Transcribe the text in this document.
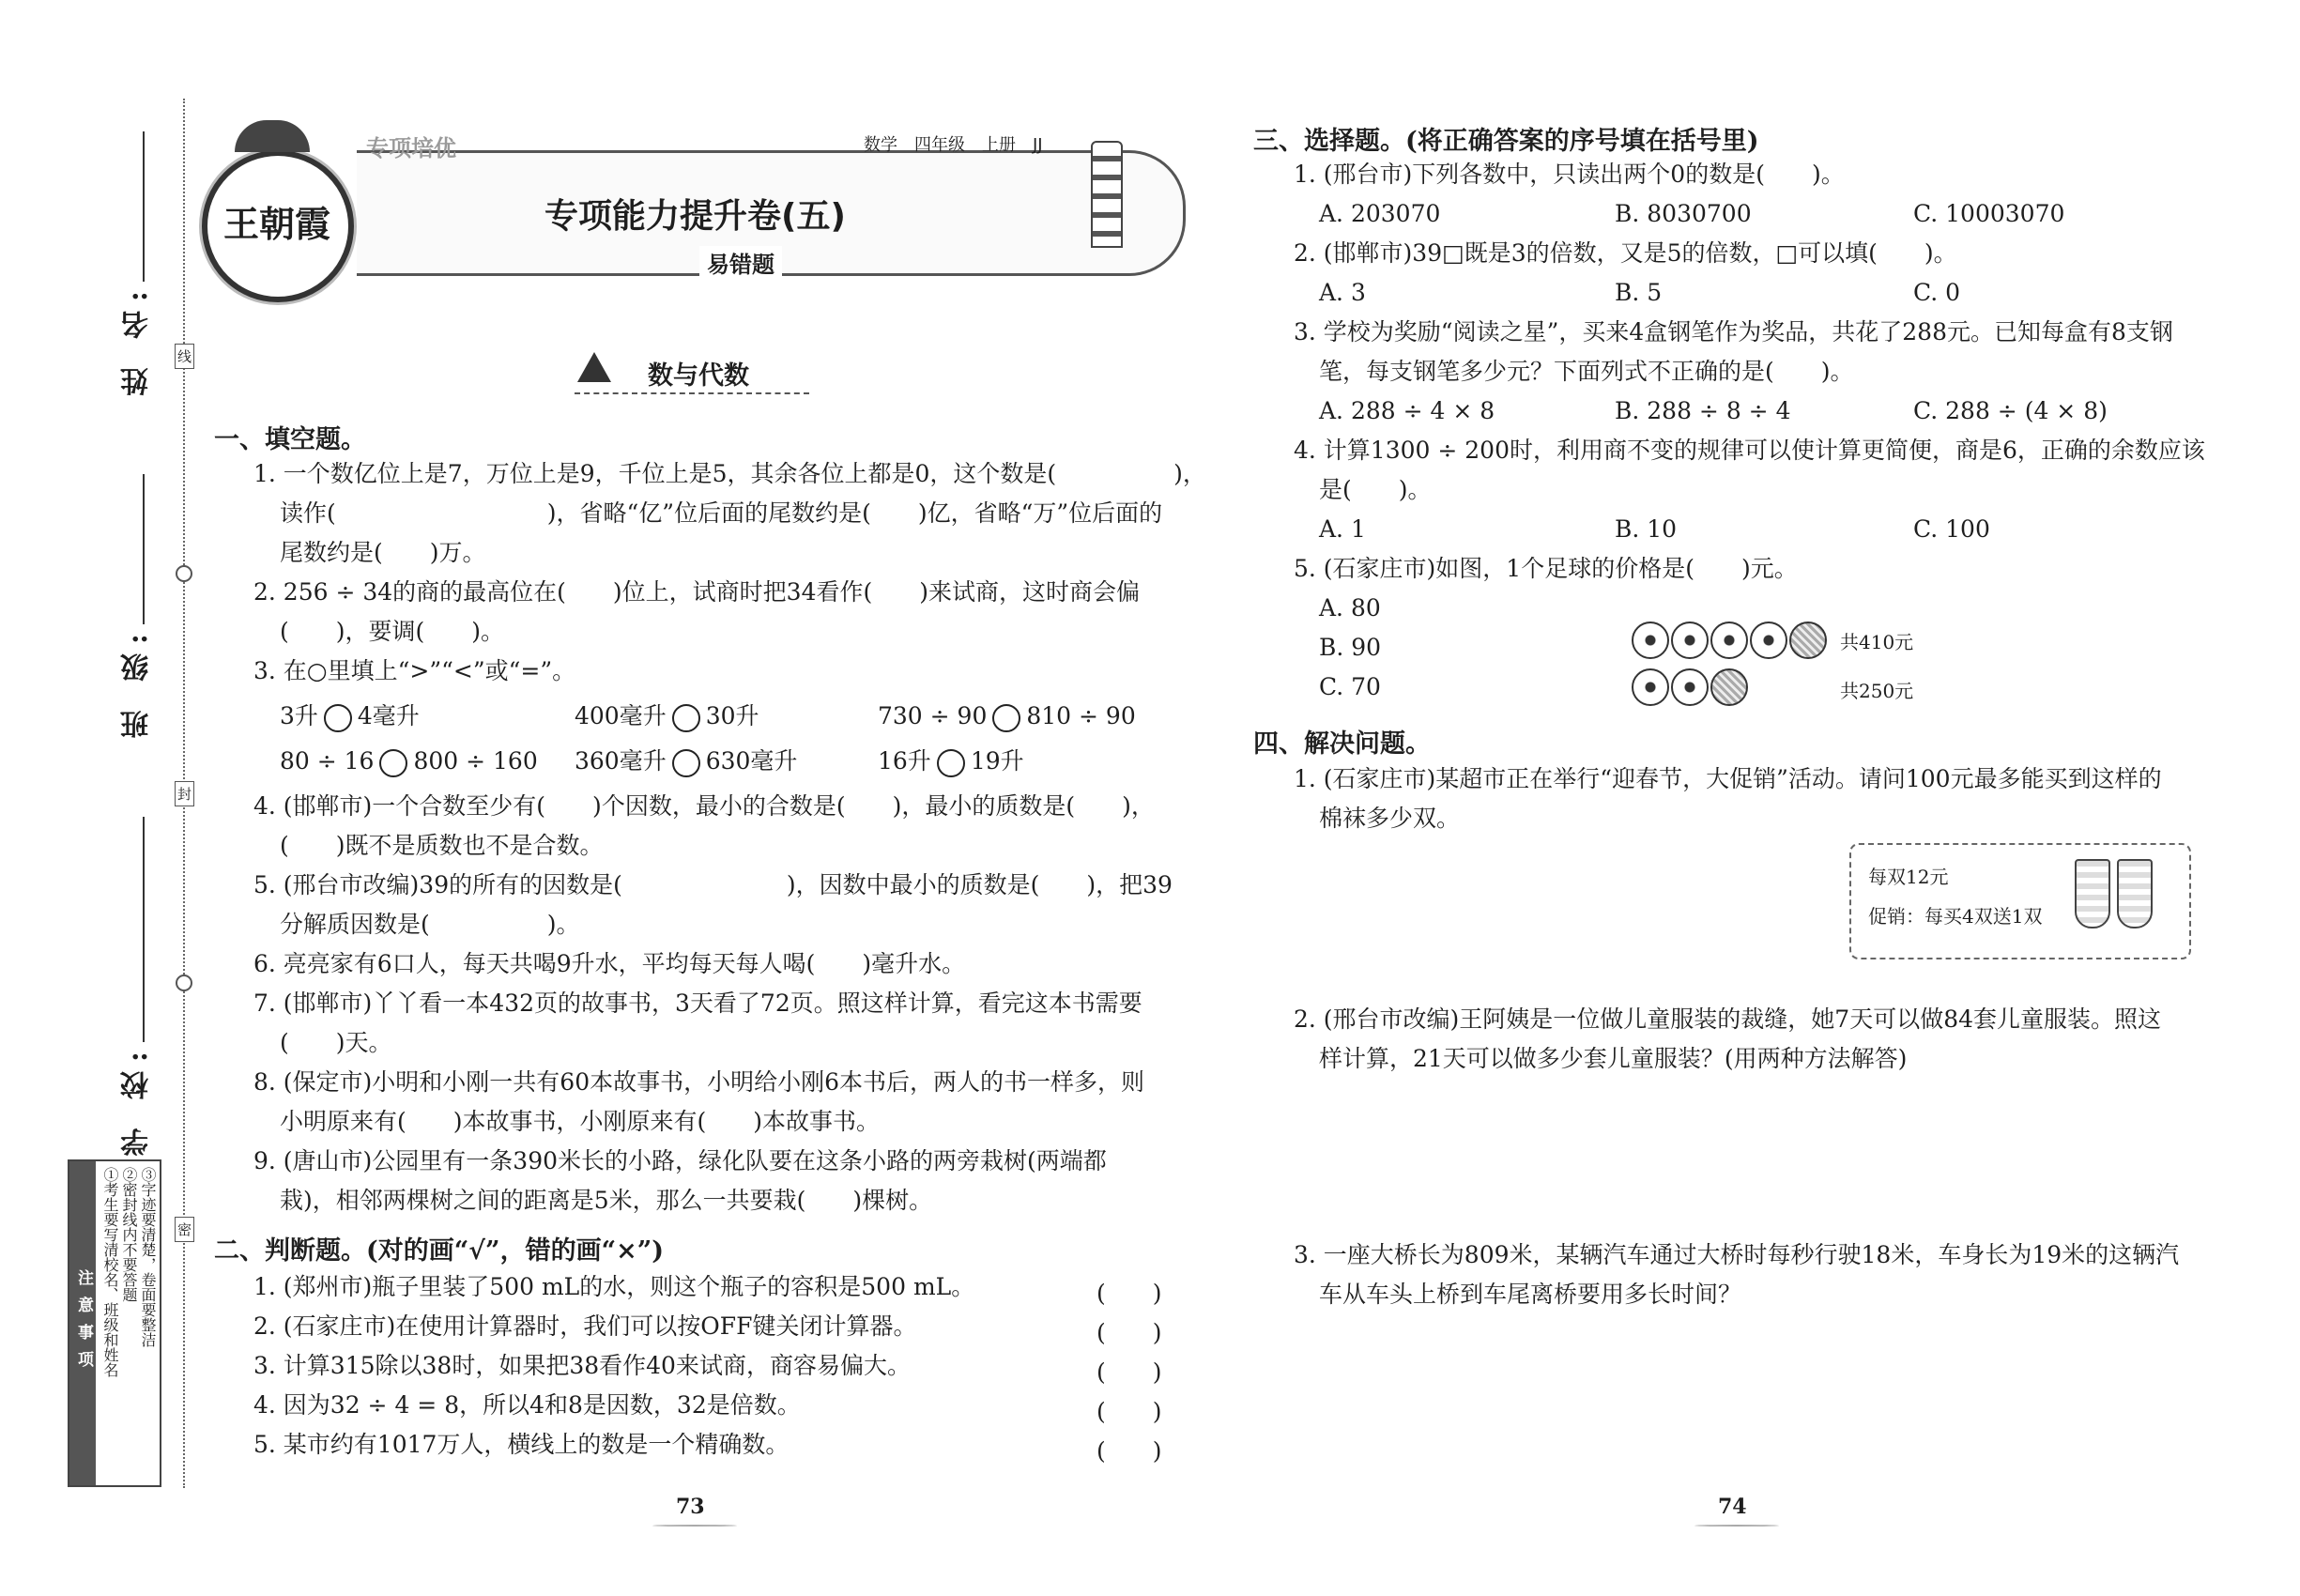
姓 名:
班 级:
学 校:
线
封
密
注意事项 ①考生要写清校名、班级和姓名 ②密封线内不要答题 ③字迹要清楚，卷面要整洁
王朝霞
专项培优	数学　四年级　上册　JJ
专项能力提升卷(五)
易错题
数与代数
一、填空题。
1. 一个数亿位上是7，万位上是9，千位上是5，其余各位上都是0，这个数是(　　　　　)，
读作(　　　　　　　　　)，省略“亿”位后面的尾数约是(　　)亿，省略“万”位后面的
尾数约是(　　)万。
2. 256 ÷ 34的商的最高位在(　　)位上，试商时把34看作(　　)来试商，这时商会偏
(　　)，要调(　　)。
3. 在○里填上“>”“<”或“=”。
3升 4毫升	400毫升 30升	730 ÷ 90 810 ÷ 90
80 ÷ 16 800 ÷ 160 360毫升 630毫升	16升 19升
4. (邯郸市)一个合数至少有(　　)个因数，最小的合数是(　　)，最小的质数是(　　)，
(　　)既不是质数也不是合数。
5. (邢台市改编)39的所有的因数是(　　　　　　　)，因数中最小的质数是(　　)，把39
分解质因数是(　　　　　)。
6. 亮亮家有6口人，每天共喝9升水，平均每天每人喝(　　)毫升水。
7. (邯郸市)丫丫看一本432页的故事书，3天看了72页。照这样计算，看完这本书需要
(　　)天。
8. (保定市)小明和小刚一共有60本故事书，小明给小刚6本书后，两人的书一样多，则
小明原来有(　　)本故事书，小刚原来有(　　)本故事书。
9. (唐山市)公园里有一条390米长的小路，绿化队要在这条小路的两旁栽树(两端都
栽)，相邻两棵树之间的距离是5米，那么一共要栽(　　)棵树。
二、判断题。(对的画“√”，错的画“×”)
1. (郑州市)瓶子里装了500 mL的水，则这个瓶子的容积是500 mL。	(　　)
2. (石家庄市)在使用计算器时，我们可以按OFF键关闭计算器。	(　　)
3. 计算315除以38时，如果把38看作40来试商，商容易偏大。	(　　)
4. 因为32 ÷ 4 = 8，所以4和8是因数，32是倍数。	(　　)
5. 某市约有1017万人，横线上的数是一个精确数。	(　　)
73
三、选择题。(将正确答案的序号填在括号里)
1. (邢台市)下列各数中，只读出两个0的数是(　　)。
A. 203070	B. 8030700	C. 10003070
2. (邯郸市)39□既是3的倍数，又是5的倍数，□可以填(　　)。
A. 3	B. 5	C. 0
3. 学校为奖励“阅读之星”，买来4盒钢笔作为奖品，共花了288元。已知每盒有8支钢
笔，每支钢笔多少元？下面列式不正确的是(　　)。
A. 288 ÷ 4 × 8	B. 288 ÷ 8 ÷ 4	C. 288 ÷ (4 × 8)
4. 计算1300 ÷ 200时，利用商不变的规律可以使计算更简便，商是6，正确的余数应该
是(　　)。
A. 1	B. 10	C. 100
5. (石家庄市)如图，1个足球的价格是(　　)元。
A. 80
B. 90
C. 70
共410元
共250元
四、解决问题。
1. (石家庄市)某超市正在举行“迎春节，大促销”活动。请问100元最多能买到这样的
棉袜多少双。
每双12元
促销：每买4双送1双
2. (邢台市改编)王阿姨是一位做儿童服装的裁缝，她7天可以做84套儿童服装。照这
样计算，21天可以做多少套儿童服装？(用两种方法解答)
3. 一座大桥长为809米，某辆汽车通过大桥时每秒行驶18米，车身长为19米的这辆汽
车从车头上桥到车尾离桥要用多长时间？
74
